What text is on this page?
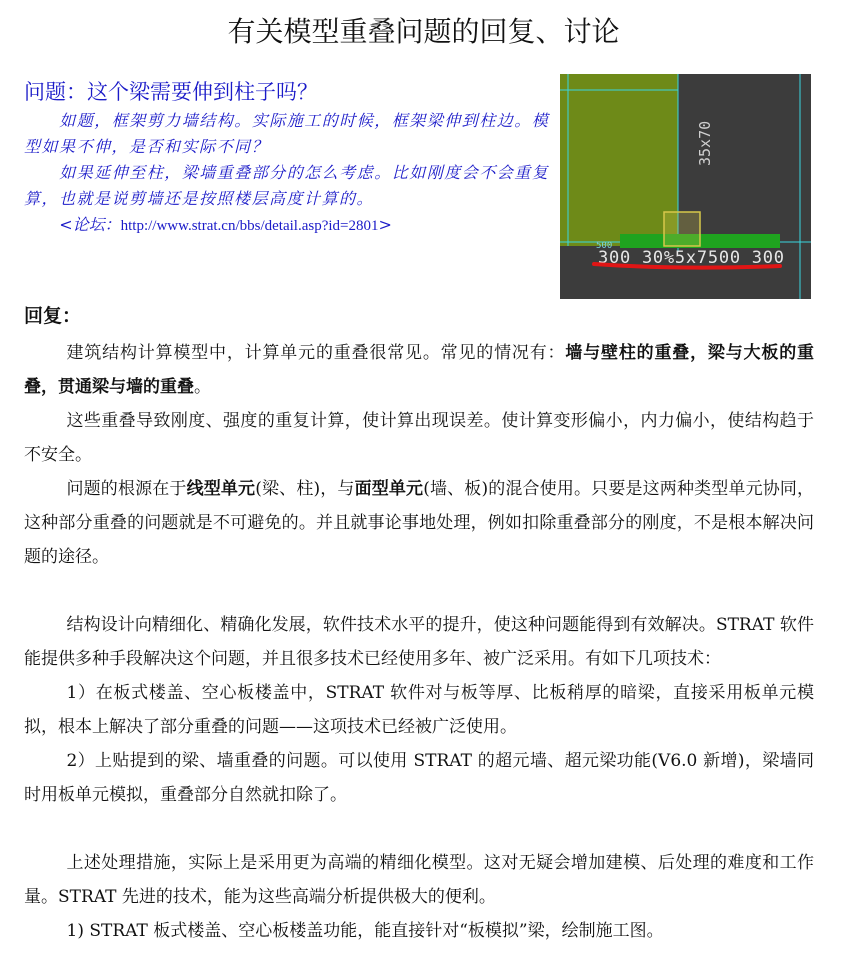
有关模型重叠问题的回复、讨论
问题：这个梁需要伸到柱子吗？

如题，框架剪力墙结构。实际施工的时候，框架梁伸到柱边。模型如果不伸，是否和实际不同？

如果延伸至柱，梁墙重叠部分的怎么考虑。比如刚度会不会重复算，也就是说剪墙还是按照楼层高度计算的。

<论坛：http://www.strat.cn/bbs/detail.asp?id=2801>

35x70
500
300 30%5x7500 300
回复：

建筑结构计算模型中，计算单元的重叠很常见。常见的情况有：墙与壁柱的重叠，梁与大板的重叠，贯通梁与墙的重叠。

这些重叠导致刚度、强度的重复计算，使计算出现误差。使计算变形偏小，内力偏小，使结构趋于不安全。

问题的根源在于线型单元(梁、柱)，与面型单元(墙、板)的混合使用。只要是这两种类型单元协同，这种部分重叠的问题就是不可避免的。并且就事论事地处理，例如扣除重叠部分的刚度，不是根本解决问题的途径。

结构设计向精细化、精确化发展，软件技术水平的提升，使这种问题能得到有效解决。STRAT 软件能提供多种手段解决这个问题，并且很多技术已经使用多年、被广泛采用。有如下几项技术：

1）在板式楼盖、空心板楼盖中，STRAT 软件对与板等厚、比板稍厚的暗梁，直接采用板单元模拟，根本上解决了部分重叠的问题——这项技术已经被广泛使用。

2）上贴提到的梁、墙重叠的问题。可以使用 STRAT 的超元墙、超元梁功能(V6.0 新增)，梁墙同时用板单元模拟，重叠部分自然就扣除了。

上述处理措施，实际上是采用更为高端的精细化模型。这对无疑会增加建模、后处理的难度和工作量。STRAT 先进的技术，能为这些高端分析提供极大的便利。

1) STRAT 板式楼盖、空心板楼盖功能，能直接针对“板模拟”梁，绘制施工图。
